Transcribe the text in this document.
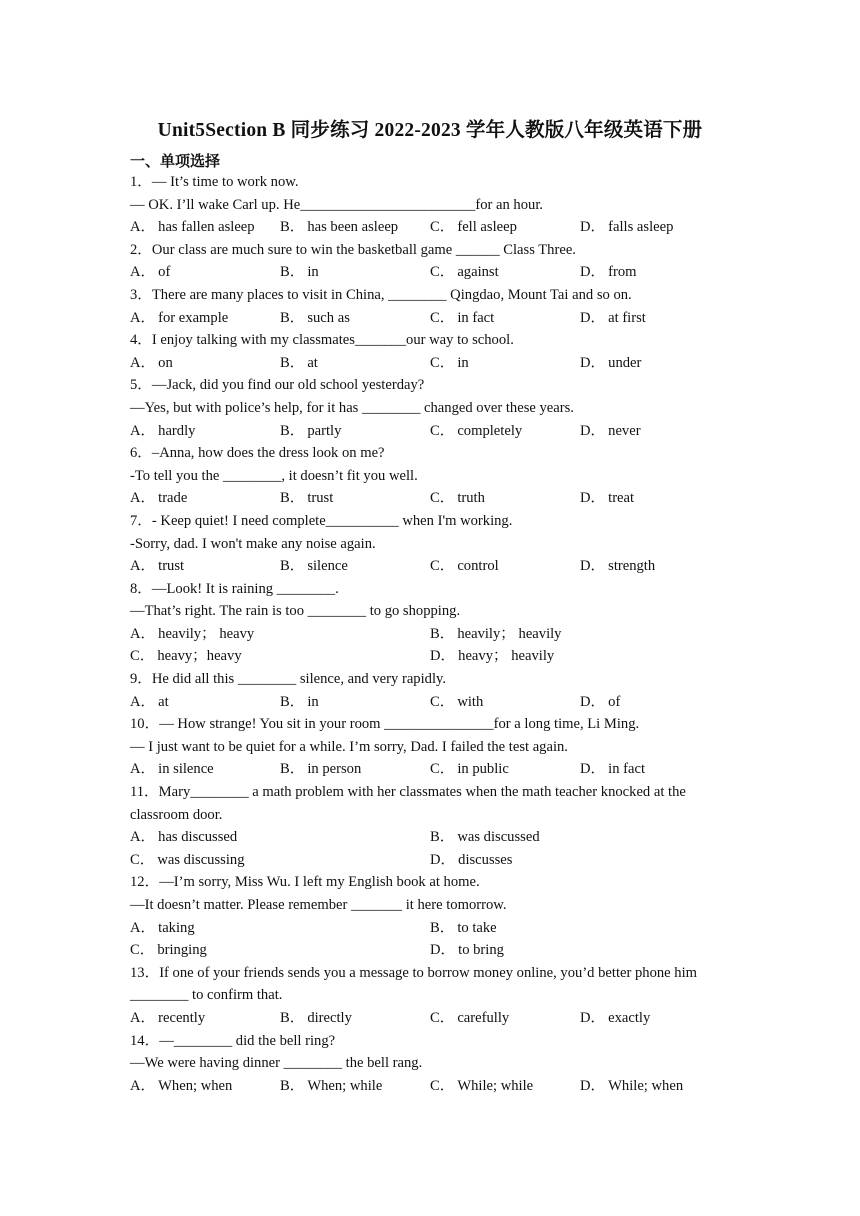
Unit5Section B 同步练习 2022-2023 学年人教版八年级英语下册
一、单项选择
1．— It’s time to work now.
— OK. I’ll wake Carl up. He________________________for an hour.
A． has fallen asleep B． has been asleep C． fell asleep	D． falls asleep
2．Our class are much sure to win the basketball game ______ Class Three.
A． of	B． in	C． against	D． from
3．There are many places to visit in China, ________ Qingdao, Mount Tai and so on.
A． for example	B． such as	C． in fact	D． at first
4．I enjoy talking with my classmates_______our way to school.
A． on	B． at	C． in	D． under
5．—Jack, did you find our old school yesterday?
—Yes, but with police’s help, for it has ________ changed over these years.
A． hardly	B． partly	C． completely	D． never
6．–Anna, how does the dress look on me?
-To tell you the ________, it doesn’t fit you well.
A． trade	B． trust	C． truth	D． treat
7．- Keep quiet! I need complete__________ when I'm working.
-Sorry, dad. I won't make any noise again.
A． trust	B． silence	C． control	D． strength
8．—Look! It is raining ________.
—That’s right. The rain is too ________ to go shopping.
A． heavily； heavy	B． heavily； heavily
C． heavy；heavy	D． heavy； heavily
9．He did all this ________ silence, and very rapidly.
A． at	B． in	C． with	D． of
10．— How strange! You sit in your room _______________for a long time, Li Ming.
— I just want to be quiet for a while. I’m sorry, Dad. I failed the test again.
A． in silence	B． in person	C． in public	D． in fact
11．Mary________ a math problem with her classmates when the math teacher knocked at the
classroom door.
A． has discussed	B． was discussed
C． was discussing	D． discusses
12．—I’m sorry, Miss Wu. I left my English book at home.
—It doesn’t matter. Please remember _______ it here tomorrow.
A． taking	B． to take
C． bringing	D． to bring
13．If one of your friends sends you a message to borrow money online, you’d better phone him
________ to confirm that.
A． recently	B． directly	C． carefully	D． exactly
14．—________ did the bell ring?
—We were having dinner ________ the bell rang.
A． When; when	B． When; while	C． While; while	D． While; when
